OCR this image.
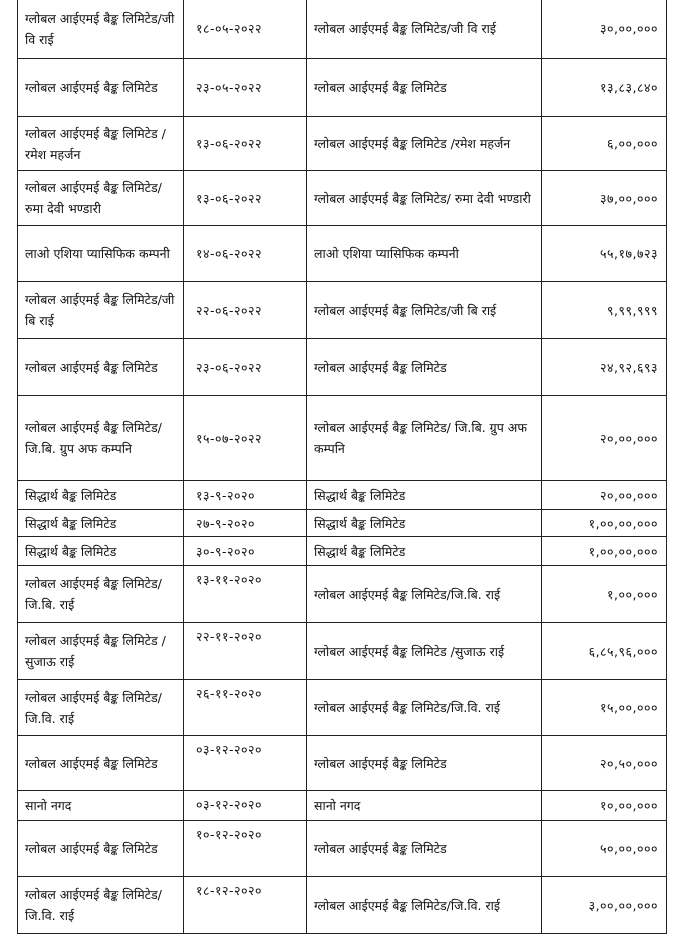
ग्लोबल आईएमई बैङ्क लिमिटेड/जी वि राई	१८-०५-२०२२	ग्लोबल आईएमई बैङ्क लिमिटेड/जी वि राई	३०,००,०००
ग्लोबल आईएमई बैङ्क लिमिटेड	२३-०५-२०२२	ग्लोबल आईएमई बैङ्क लिमिटेड	१३,८३,८४०
ग्लोबल आईएमई बैङ्क लिमिटेड /रमेश महर्जन	१३-०६-२०२२	ग्लोबल आईएमई बैङ्क लिमिटेड /रमेश महर्जन	६,००,०००
ग्लोबल आईएमई बैङ्क लिमिटेड/ रुमा देवी भण्डारी	१३-०६-२०२२	ग्लोबल आईएमई बैङ्क लिमिटेड/ रुमा देवी भण्डारी	३७,००,०००
लाओ एशिया प्यासिफिक कम्पनी	१४-०६-२०२२	लाओ एशिया प्यासिफिक कम्पनी	५५,१७,७२३
ग्लोबल आईएमई बैङ्क लिमिटेड/जी बि राई	२२-०६-२०२२	ग्लोबल आईएमई बैङ्क लिमिटेड/जी बि राई	९,९९,९९९
ग्लोबल आईएमई बैङ्क लिमिटेड	२३-०६-२०२२	ग्लोबल आईएमई बैङ्क लिमिटेड	२४,९२,६९३
ग्लोबल आईएमई बैङ्क लिमिटेड/ जि.बि. ग्रुप अफ कम्पनि	१५-०७-२०२२	ग्लोबल आईएमई बैङ्क लिमिटेड/ जि.बि. ग्रुप अफ कम्पनि	२०,००,०००
सिद्धार्थ बैङ्क लिमिटेड	१३-९-२०२०	सिद्धार्थ बैङ्क लिमिटेड	२०,००,०००
सिद्धार्थ बैङ्क लिमिटेड	२७-९-२०२०	सिद्धार्थ बैङ्क लिमिटेड	१,००,००,०००
सिद्धार्थ बैङ्क लिमिटेड	३०-९-२०२०	सिद्धार्थ बैङ्क लिमिटेड	१,००,००,०००
ग्लोबल आईएमई बैङ्क लिमिटेड/जि.बि. राई	१३-११-२०२०	ग्लोबल आईएमई बैङ्क लिमिटेड/जि.बि. राई	१,००,०००
ग्लोबल आईएमई बैङ्क लिमिटेड /सुजाऊ राई	२२-११-२०२०	ग्लोबल आईएमई बैङ्क लिमिटेड /सुजाऊ राई	६,८५,९६,०००
ग्लोबल आईएमई बैङ्क लिमिटेड/जि.वि. राई	२६-११-२०२०	ग्लोबल आईएमई बैङ्क लिमिटेड/जि.वि. राई	१५,००,०००
ग्लोबल आईएमई बैङ्क लिमिटेड	०३-१२-२०२०	ग्लोबल आईएमई बैङ्क लिमिटेड	२०,५०,०००
सानो नगद	०३-१२-२०२०	सानो नगद	१०,००,०००
ग्लोबल आईएमई बैङ्क लिमिटेड	१०-१२-२०२०	ग्लोबल आईएमई बैङ्क लिमिटेड	५०,००,०००
ग्लोबल आईएमई बैङ्क लिमिटेड/जि.वि. राई	१८-१२-२०२०	ग्लोबल आईएमई बैङ्क लिमिटेड/जि.वि. राई	३,००,००,०००
